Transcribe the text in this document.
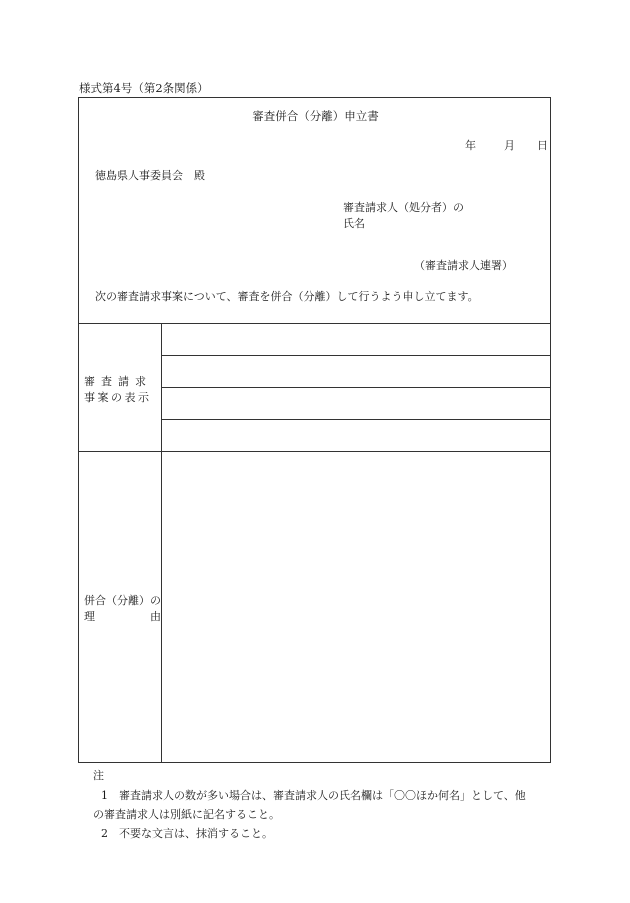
様式第4号（第2条関係）
審査併合（分離）申立書
年	月 日
徳島県人事委員会　殿
審査請求人（処分者）の
氏名
（審査請求人連署）
次の審査請求事案について、審査を併合（分離）して行うよう申し立てます。
審査請求
事案の表示
併合（分離）の
理	由
注
1　審査請求人の数が多い場合は、審査請求人の氏名欄は「〇〇ほか何名」として、他
の審査請求人は別紙に記名すること。
2　不要な文言は、抹消すること。
